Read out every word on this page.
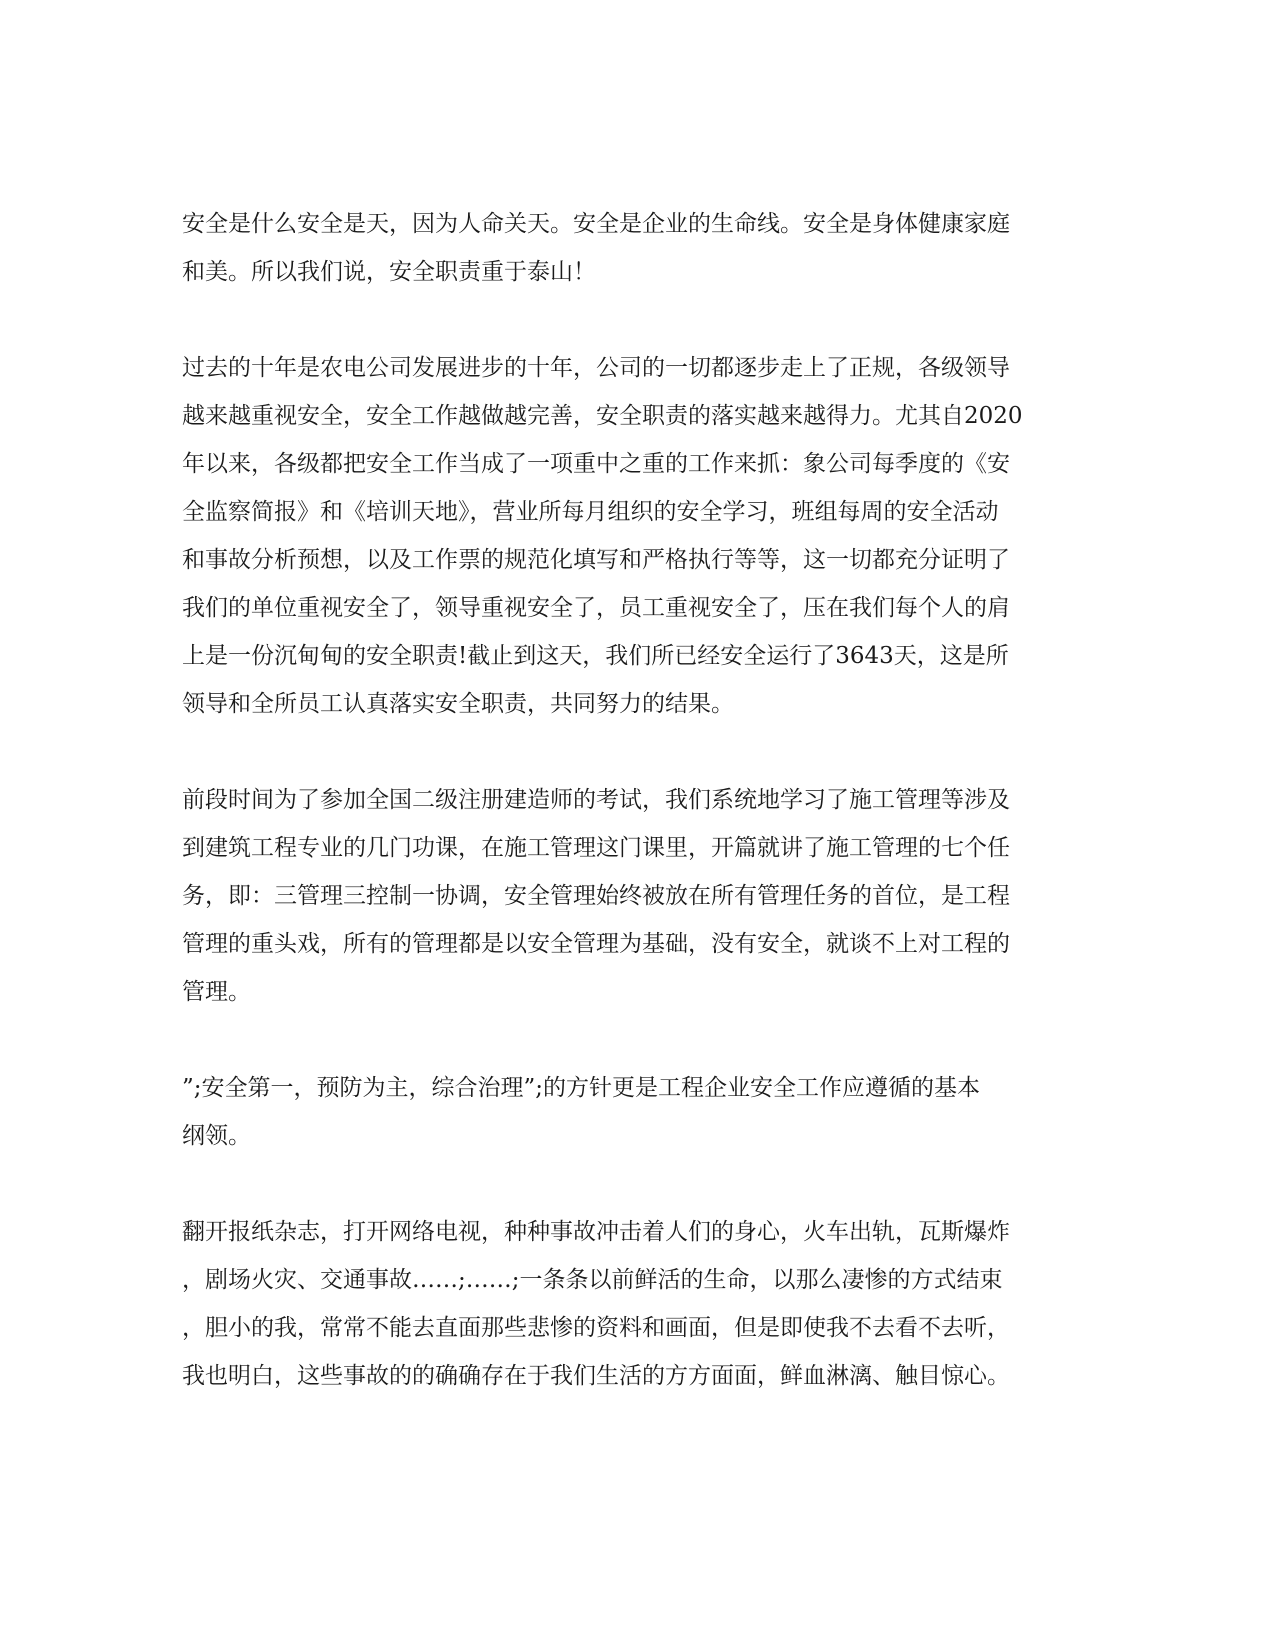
安全是什么安全是天，因为人命关天。安全是企业的生命线。安全是身体健康家庭
和美。所以我们说，安全职责重于泰山！
过去的十年是农电公司发展进步的十年，公司的一切都逐步走上了正规，各级领导
越来越重视安全，安全工作越做越完善，安全职责的落实越来越得力。尤其自2020
年以来，各级都把安全工作当成了一项重中之重的工作来抓：象公司每季度的《安
全监察简报》和《培训天地》，营业所每月组织的安全学习，班组每周的安全活动
和事故分析预想，以及工作票的规范化填写和严格执行等等，这一切都充分证明了
我们的单位重视安全了，领导重视安全了，员工重视安全了，压在我们每个人的肩
上是一份沉甸甸的安全职责!截止到这天，我们所已经安全运行了3643天，这是所
领导和全所员工认真落实安全职责，共同努力的结果。
前段时间为了参加全国二级注册建造师的考试，我们系统地学习了施工管理等涉及
到建筑工程专业的几门功课，在施工管理这门课里，开篇就讲了施工管理的七个任
务，即：三管理三控制一协调，安全管理始终被放在所有管理任务的首位，是工程
管理的重头戏，所有的管理都是以安全管理为基础，没有安全，就谈不上对工程的
管理。
”;安全第一，预防为主，综合治理”;的方针更是工程企业安全工作应遵循的基本
纲领。
翻开报纸杂志，打开网络电视，种种事故冲击着人们的身心，火车出轨，瓦斯爆炸
，剧场火灾、交通事故……;……;一条条以前鲜活的生命，以那么凄惨的方式结束
，胆小的我，常常不能去直面那些悲惨的资料和画面，但是即使我不去看不去听，
我也明白，这些事故的的确确存在于我们生活的方方面面，鲜血淋漓、触目惊心。
